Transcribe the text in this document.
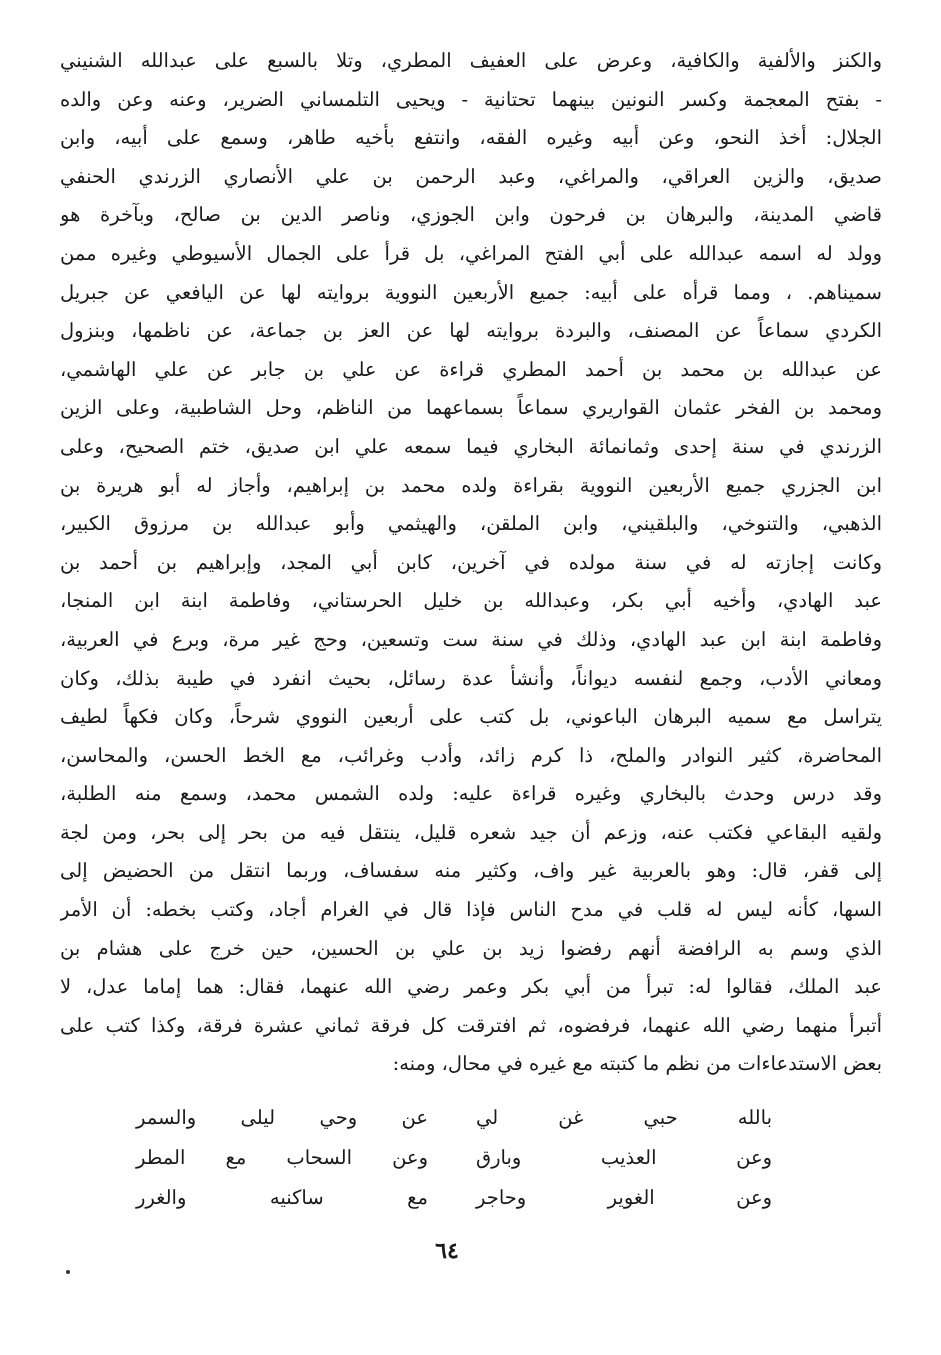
والكنز والألفية والكافية، وعرض على العفيف المطري، وتلا بالسبع على عبدالله الشنيني
- بفتح المعجمة وكسر النونين بينهما تحتانية - ويحيى التلمساني الضرير، وعنه وعن والده
الجلال: أخذ النحو، وعن أبيه وغيره الفقه، وانتفع بأخيه طاهر، وسمع على أبيه، وابن
صديق، والزين العراقي، والمراغي، وعبد الرحمن بن علي الأنصاري الزرندي الحنفي
قاضي المدينة، والبرهان بن فرحون وابن الجوزي، وناصر الدين بن صالح، وبآخرة هو
وولد له اسمه عبدالله على أبي الفتح المراغي، بل قرأ على الجمال الأسيوطي وغيره ممن
سميناهم. ، ومما قرأه على أبيه: جميع الأربعين النووية بروايته لها عن اليافعي عن جبريل
الكردي سماعاً عن المصنف، والبردة بروايته لها عن العز بن جماعة، عن ناظمها، وبنزول
عن عبدالله بن محمد بن أحمد المطري قراءة عن علي بن جابر عن علي الهاشمي،
ومحمد بن الفخر عثمان القواريري سماعاً بسماعهما من الناظم، وحل الشاطبية، وعلى الزين
الزرندي في سنة إحدى وثمانمائة البخاري فيما سمعه علي ابن صديق، ختم الصحيح، وعلى
ابن الجزري جميع الأربعين النووية بقراءة ولده محمد بن إبراهيم، وأجاز له أبو هريرة بن
الذهبي، والتنوخي، والبلقيني، وابن الملقن، والهيثمي وأبو عبدالله بن مرزوق الكبير،
وكانت إجازته له في سنة مولده في آخرين، كابن أبي المجد، وإبراهيم بن أحمد بن
عبد الهادي، وأخيه أبي بكر، وعبدالله بن خليل الحرستاني، وفاطمة ابنة ابن المنجا،
وفاطمة ابنة ابن عبد الهادي، وذلك في سنة ست وتسعين، وحج غير مرة، وبرع في العربية،
ومعاني الأدب، وجمع لنفسه ديواناً، وأنشأ عدة رسائل، بحيث انفرد في طيبة بذلك، وكان
يتراسل مع سميه البرهان الباعوني، بل كتب على أربعين النووي شرحاً، وكان فكهاً لطيف
المحاضرة، كثير النوادر والملح، ذا كرم زائد، وأدب وغرائب، مع الخط الحسن، والمحاسن،
وقد درس وحدث بالبخاري وغيره قراءة عليه: ولده الشمس محمد، وسمع منه الطلبة،
ولقيه البقاعي فكتب عنه، وزعم أن جيد شعره قليل، ينتقل فيه من بحر إلى بحر، ومن لجة
إلى قفر، قال: وهو بالعربية غير واف، وكثير منه سفساف، وربما انتقل من الحضيض إلى
السها، كأنه ليس له قلب في مدح الناس فإذا قال في الغرام أجاد، وكتب بخطه: أن الأمر
الذي وسم به الرافضة أنهم رفضوا زيد بن علي بن الحسين، حين خرج على هشام بن
عبد الملك، فقالوا له: تبرأ من أبي بكر وعمر رضي الله عنهما، فقال: هما إماما عدل، لا
أتبرأ منهما رضي الله عنهما، فرفضوه، ثم افترقت كل فرقة ثماني عشرة فرقة، وكذا كتب على
بعض الاستدعاءات من نظم ما كتبته مع غيره في محال، ومنه:
بالله حبي غن لي
عن وحي ليلى والسمر
وعن العذيب وبارق
وعن السحاب مع المطر
وعن الغوير وحاجر
مع ساكنيه والغرر
٦٤
